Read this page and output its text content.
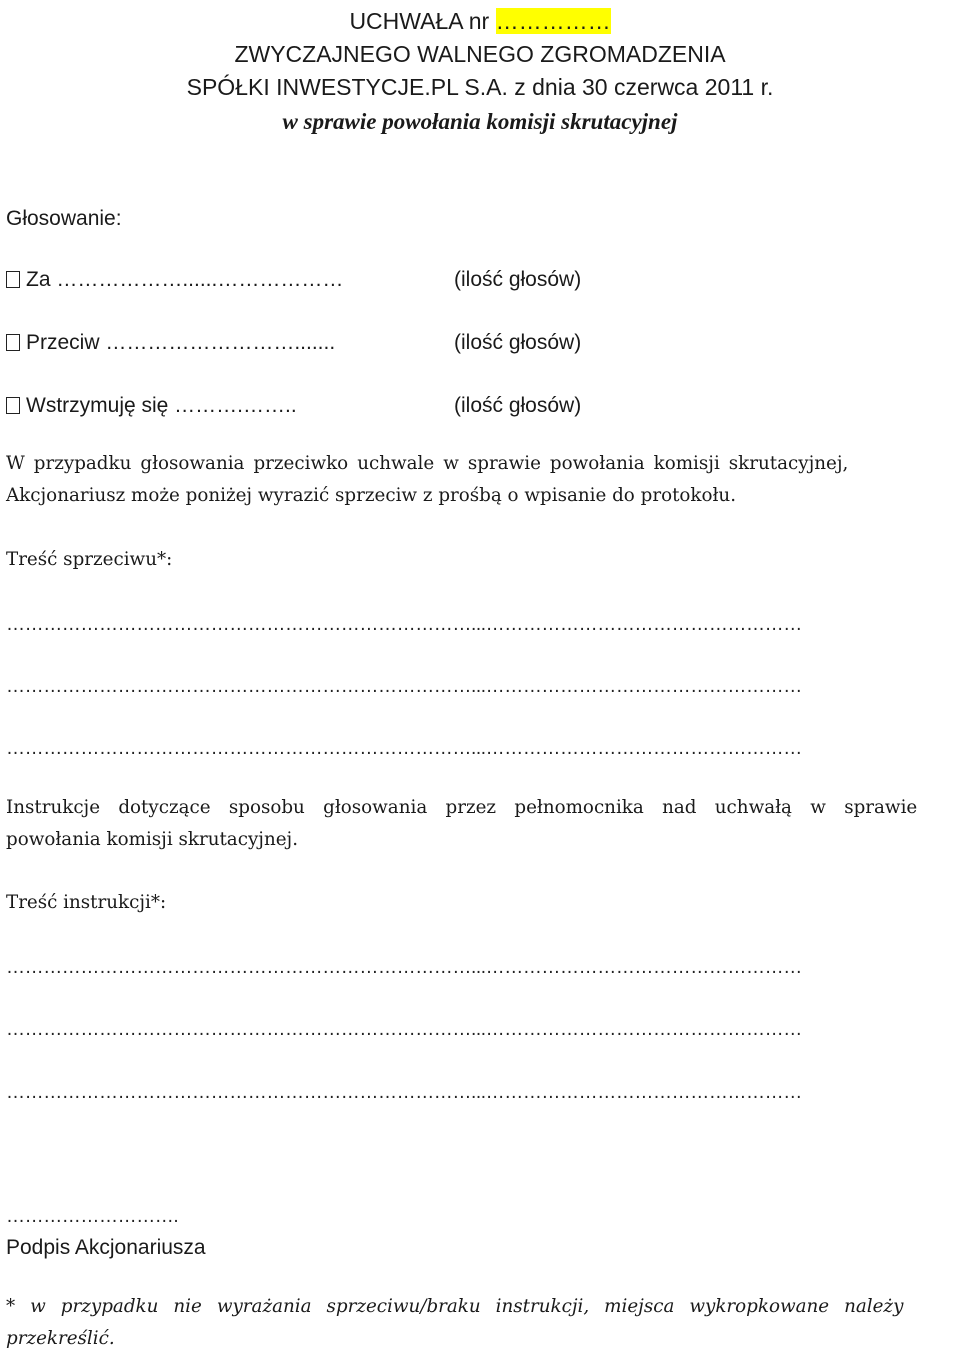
UCHWAŁA nr ……………
ZWYCZAJNEGO WALNEGO ZGROMADZENIA
SPÓŁKI INWESTYCJE.PL S.A. z dnia 30 czerwca 2011 r.
w sprawie powołania komisji skrutacyjnej
Głosowanie:
Za ………………......………………	(ilość głosów)
Przeciw ……………………….......	(ilość głosów)
Wstrzymuję się ……….……..	(ilość głosów)
W przypadku głosowania przeciwko uchwale w sprawie powołania komisji skrutacyjnej,
Akcjonariusz może poniżej wyrazić sprzeciw z prośbą o wpisanie do protokołu.
Treść sprzeciwu*:
…………………………………………………………………...……………………………………………
…………………………………………………………………...……………………………………………
…………………………………………………………………...……………………………………………
Instrukcje dotyczące sposobu głosowania przez pełnomocnika nad uchwałą w sprawie
powołania komisji skrutacyjnej.
Treść instrukcji*:
…………………………………………………………………...……………………………………………
…………………………………………………………………...……………………………………………
…………………………………………………………………...……………………………………………
……………………….
Podpis Akcjonariusza
* w przypadku nie wyrażania sprzeciwu/braku instrukcji, miejsca wykropkowane należy
przekreślić.
